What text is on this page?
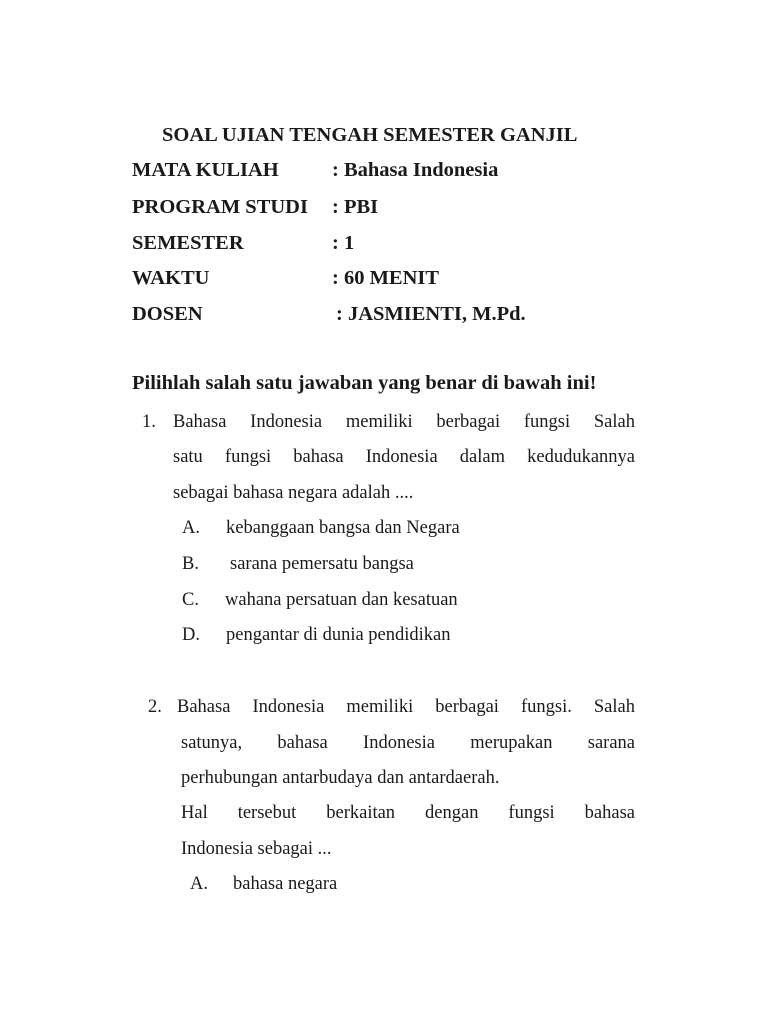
SOAL UJIAN TENGAH SEMESTER GANJIL
MATA KULIAH	: Bahasa Indonesia
PROGRAM STUDI : PBI
SEMESTER	: 1
WAKTU	: 60 MENIT
DOSEN	: JASMIENTI, M.Pd.
Pilihlah salah satu jawaban yang benar di bawah ini!
1. Bahasa Indonesia memiliki berbagai fungsi Salah
satu fungsi bahasa Indonesia dalam kedudukannya
sebagai bahasa negara adalah ....
A. kebanggaan bangsa dan Negara
B. sarana pemersatu bangsa
C. wahana persatuan dan kesatuan
D. pengantar di dunia pendidikan
2. Bahasa Indonesia memiliki berbagai fungsi. Salah
satunya, bahasa Indonesia merupakan sarana
perhubungan antarbudaya dan antardaerah.
Hal tersebut berkaitan dengan fungsi bahasa
Indonesia sebagai ...
A. bahasa negara
